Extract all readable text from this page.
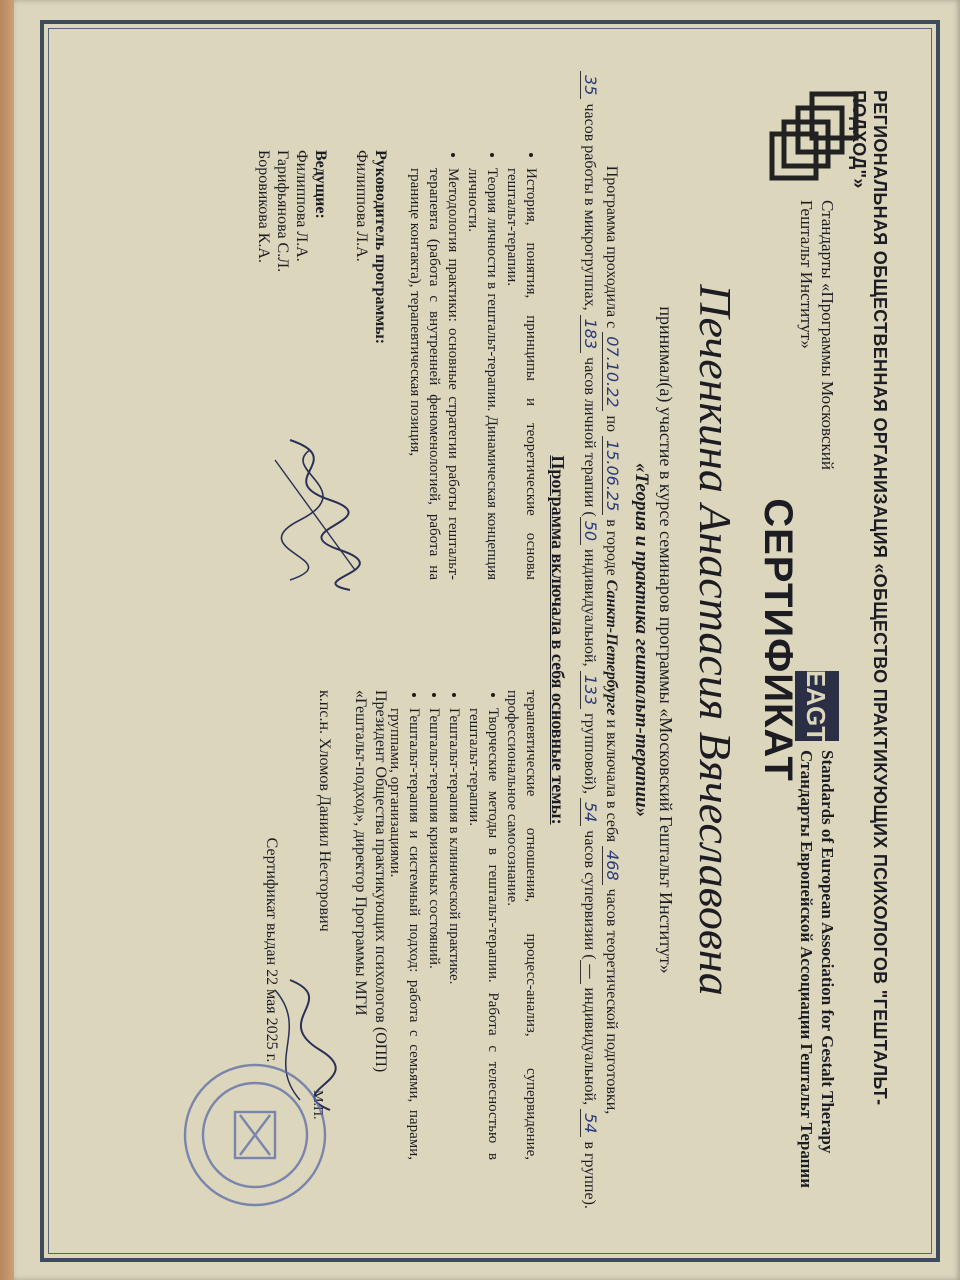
РЕГИОНАЛЬНАЯ ОБЩЕСТВЕННАЯ ОРГАНИЗАЦИЯ «ОБЩЕСТВО ПРАКТИКУЮЩИХ ПСИХОЛОГОВ "ГЕШТАЛЬТ-ПОДХОД"»
Стандарты «Программы Московский
Гештальт Институт»
EAGT
Standards of European Association for Gestalt Therapy
Стандарты Европейской Ассоциации Гештальт Терапии
СЕРТИФИКАТ
Печенкина Анастасия Вячеславовна
принимал(а) участие в курсе семинаров программы «Московский Гештальт Институт»
«Теория и практика гештальт-терапии»
Программа проходила с 07.10.22 по 15.06.25 в городе Санкт-Петербурге и включала в себя 468 часов теоретической подготовки,
35 часов работы в микрогруппах, 183 часов личной терапии (50 индивидуальной, 133 групповой), 54 часов супервизии (— индивидуальной, 54 в группе).
Программа включала в себя основные темы:
• История, понятия, принципы и теоретические основы гештальт-терапии.
• Теория личности в гештальт-терапии. Динамическая концепция личности.
• Методология практики: основные стратегии работы гештальт-терапевта (работа с внутренней феноменологией, работа на границе контакта), терапевтическая позиция,
терапевтические отношения, процесс-анализ, супервидение, профессиональное самосознание.
• Творческие методы в гештальт-терапии. Работа с телесностью в гештальт-терапии.
• Гештальт-терапия в клинической практике.
• Гештальт-терапия кризисных состояний.
• Гештальт-терапия и системный подход: работа с семьями, парами, группами, организациями.
Руководитель программы:
Филиппова Л.А.
Ведущие:
Филиппова Л.А.
Гарифьянова С.Л.
Боровикова К.А.
Президент Общества практикующих психологов (ОПП)
«Гештальт-подход», директор Программы МГИ
к.пс.н. Хломов Даниил Несторович
М.П.
Сертификат выдан 22 мая 2025 г.
